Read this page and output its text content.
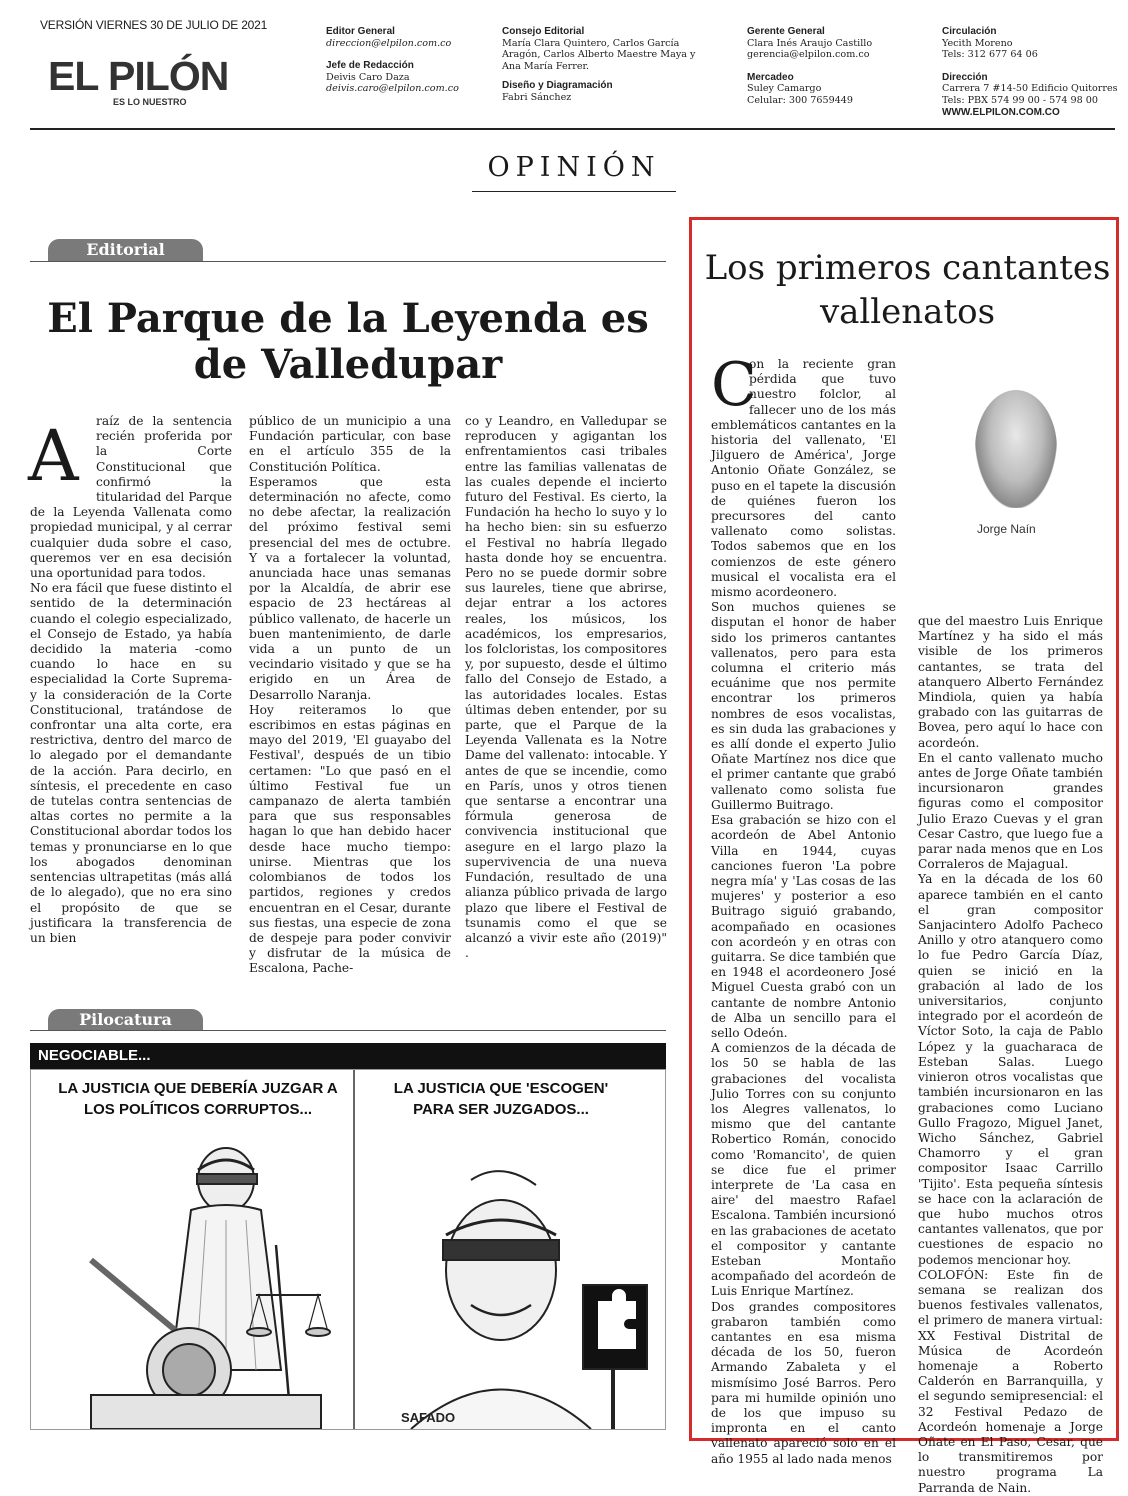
VERSIÓN VIERNES 30 DE JULIO DE 2021
EL PILÓN
ES LO NUESTRO
Editor General
direccion@elpilon.com.co
Jefe de Redacción
Deivis Caro Daza
deivis.caro@elpilon.com.co
Consejo Editorial
María Clara Quintero, Carlos García Aragón, Carlos Alberto Maestre Maya y Ana María Ferrer.
Diseño y Diagramación
Fabri Sánchez
Gerente General
Clara Inés Araujo Castillo
gerencia@elpilon.com.co
Mercadeo
Suley Camargo
Celular: 300 7659449
Circulación
Yecith Moreno
Tels: 312 677 64 06
Dirección
Carrera 7 #14-50 Edificio Quitorres
Tels: PBX 574 99 00 - 574 98 00
WWW.ELPILON.COM.CO
OPINIÓN
Editorial
El Parque de la Leyenda es de Valledupar
A	raíz de la sentencia recién proferida por la Corte Constitucional que confirmó la titularidad del Parque de la Leyenda Vallenata como propiedad municipal, y al cerrar cualquier duda sobre el caso, queremos ver en esa decisión una oportunidad para todos.

No era fácil que fuese distinto el sentido de la determinación cuando el colegio especializado, el Consejo de Estado, ya había decidido la materia -como cuando lo hace en su especialidad la Corte Suprema- y la consideración de la Corte Constitucional, tratándose de confrontar una alta corte, era restrictiva, dentro del marco de lo alegado por el demandante de la acción. Para decirlo, en síntesis, el precedente en caso de tutelas contra sentencias de altas cortes no permite a la Constitucional abordar todos los temas y pronunciarse en lo que los abogados denominan sentencias ultrapetitas (más allá de lo alegado), que no era sino el propósito de que se justificara la transferencia de un bien

público de un municipio a una Fundación particular, con base en el artículo 355 de la Constitución Política.

Esperamos que esta determinación no afecte, como no debe afectar, la realización del próximo festival semi presencial del mes de octubre. Y va a fortalecer la voluntad, anunciada hace unas semanas por la Alcaldía, de abrir ese espacio de 23 hectáreas al público vallenato, de hacerle un buen mantenimiento, de darle vida a un punto de un vecindario visitado y que se ha erigido en un Área de Desarrollo Naranja.

Hoy reiteramos lo que escribimos en estas páginas en mayo del 2019, 'El guayabo del Festival', después de un tibio certamen: "Lo que pasó en el último Festival fue un campanazo de alerta también para que sus responsables hagan lo que han debido hacer desde hace mucho tiempo: unirse. Mientras que los colombianos de todos los partidos, regiones y credos encuentran en el Cesar, durante sus fiestas, una especie de zona de despeje para poder convivir y disfrutar de la música de Escalona, Pache-

co y Leandro, en Valledupar se reproducen y agigantan los enfrentamientos casi tribales entre las familias vallenatas de las cuales depende el incierto futuro del Festival. Es cierto, la Fundación ha hecho lo suyo y lo ha hecho bien: sin su esfuerzo el Festival no habría llegado hasta donde hoy se encuentra. Pero no se puede dormir sobre sus laureles, tiene que abrirse, dejar entrar a los actores reales, los músicos, los académicos, los empresarios, los folcloristas, los compositores y, por supuesto, desde el último fallo del Consejo de Estado, a las autoridades locales. Estas últimas deben entender, por su parte, que el Parque de la Leyenda Vallenata es la Notre Dame del vallenato: intocable. Y antes de que se incendie, como en París, unos y otros tienen que sentarse a encontrar una fórmula generosa de convivencia institucional que asegure en el largo plazo la supervivencia de una nueva Fundación, resultado de una alianza público privada de largo plazo que libere el Festival de tsunamis como el que se alcanzó a vivir este año (2019)" .

Pilocatura
NEGOCIABLE...
LA JUSTICIA QUE DEBERÍA JUZGAR A LOS POLÍTICOS CORRUPTOS...
LA JUSTICIA QUE 'ESCOGEN' PARA SER JUZGADOS...
SAFADO
Los primeros cantantes vallenatos
Jorge Naín
C

on la reciente gran pérdida que tuvo nuestro folclor, al fallecer uno de los más emblemáticos cantantes en la historia del vallenato, 'El Jilguero de América', Jorge Antonio Oñate González, se puso en el tapete la discusión de quiénes fueron los precursores del canto vallenato como solistas. Todos sabemos que en los comienzos de este género musical el vocalista era el mismo acordeonero.

Son muchos quienes se disputan el honor de haber sido los primeros cantantes vallenatos, pero para esta columna el criterio más ecuánime que nos permite encontrar los primeros nombres de esos vocalistas, es sin duda las grabaciones y es allí donde el experto Julio Oñate Martínez nos dice que el primer cantante que grabó vallenato como solista fue Guillermo Buitrago.

Esa grabación se hizo con el acordeón de Abel Antonio Villa en 1944, cuyas canciones fueron 'La pobre negra mía' y 'Las cosas de las mujeres' y posterior a eso Buitrago siguió grabando, acompañado en ocasiones con acordeón y en otras con guitarra. Se dice también que en 1948 el acordeonero José Miguel Cuesta grabó con un cantante de nombre Antonio de Alba un sencillo para el sello Odeón.

A comienzos de la década de los 50 se habla de las grabaciones del vocalista Julio Torres con su conjunto los Alegres vallenatos, lo mismo que del cantante Robertico Román, conocido como 'Romancito', de quien se dice fue el primer interprete de 'La casa en aire' del maestro Rafael Escalona. También incursionó en las grabaciones de acetato el compositor y cantante Esteban Montaño acompañado del acordeón de Luis Enrique Martínez.

Dos grandes compositores grabaron también como cantantes en esa misma década de los 50, fueron Armando Zabaleta y el mismísimo José Barros. Pero para mi humilde opinión uno de los que impuso su impronta en el canto vallenato apareció solo en el año 1955 al lado nada menos

que del maestro Luis Enrique Martínez y ha sido el más visible de los primeros cantantes, se trata del atanquero Alberto Fernández Mindiola, quien ya había grabado con las guitarras de Bovea, pero aquí lo hace con acordeón.

En el canto vallenato mucho antes de Jorge Oñate también incursionaron grandes figuras como el compositor Julio Erazo Cuevas y el gran Cesar Castro, que luego fue a parar nada menos que en Los Corraleros de Majagual.

Ya en la década de los 60 aparece también en el canto el gran compositor Sanjacintero Adolfo Pacheco Anillo y otro atanquero como lo fue Pedro García Díaz, quien se inició en la grabación al lado de los universitarios, conjunto integrado por el acordeón de Víctor Soto, la caja de Pablo López y la guacharaca de Esteban Salas. Luego vinieron otros vocalistas que también incursionaron en las grabaciones como Luciano Gullo Fragozo, Miguel Janet, Wicho Sánchez, Gabriel Chamorro y el gran compositor Isaac Carrillo 'Tijito'. Esta pequeña síntesis se hace con la aclaración de que hubo muchos otros cantantes vallenatos, que por cuestiones de espacio no podemos mencionar hoy.

COLOFÓN: Este fin de semana se realizan dos buenos festivales vallenatos, el primero de manera virtual: XX Festival Distrital de Música de Acordeón homenaje a Roberto Calderón en Barranquilla, y el segundo semipresencial: el 32 Festival Pedazo de Acordeón homenaje a Jorge Oñate en El Paso, Cesar, que lo transmitiremos por nuestro programa La Parranda de Nain.
